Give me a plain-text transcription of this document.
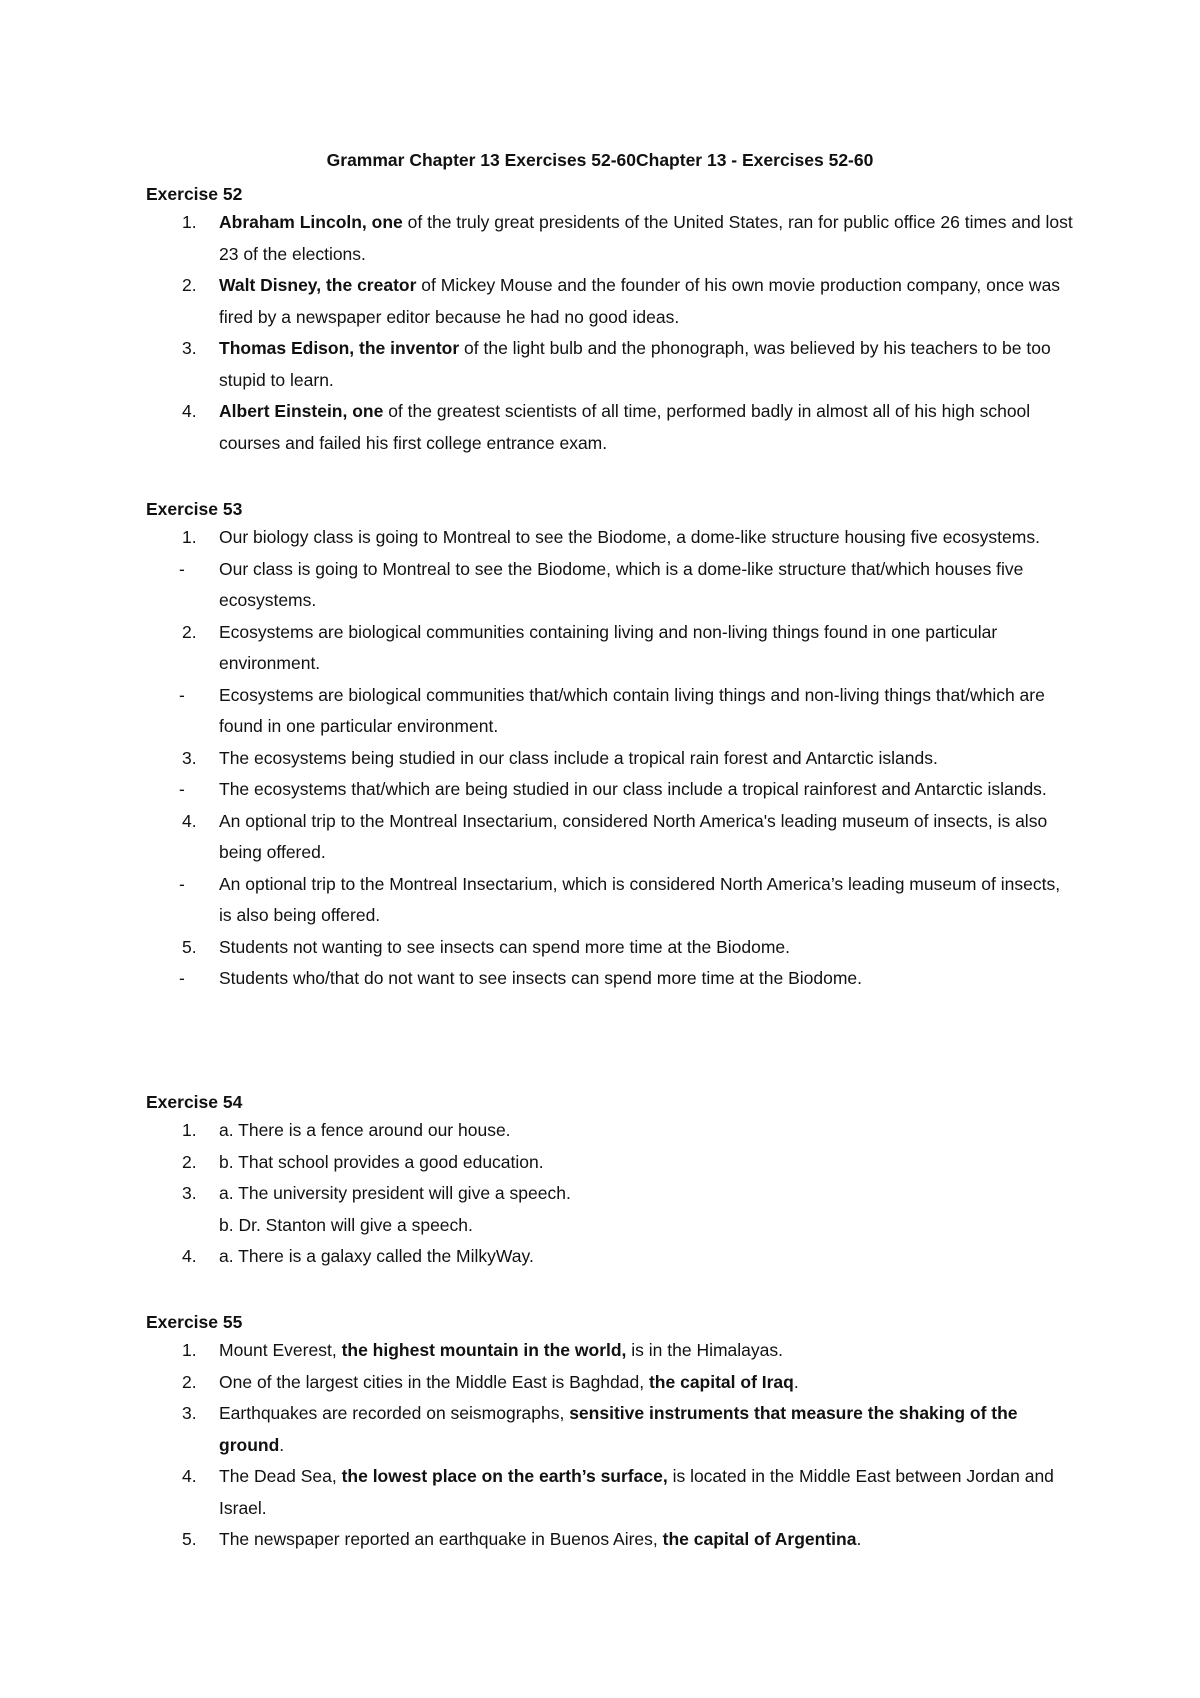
Grammar Chapter 13 Exercises 52-60Chapter 13 - Exercises 52-60
Exercise 52
1.	Abraham Lincoln, one of the truly great presidents of the United States, ran for public office 26 times and lost 23 of the elections.
2.	Walt Disney, the creator of Mickey Mouse and the founder of his own movie production company, once was fired by a newspaper editor because he had no good ideas.
3.	Thomas Edison, the inventor of the light bulb and the phonograph, was believed by his teachers to be too stupid to learn.
4.	Albert Einstein, one of the greatest scientists of all time, performed badly in almost all of his high school courses and failed his first college entrance exam.
Exercise 53
1.	Our biology class is going to Montreal to see the Biodome, a dome-like structure housing five ecosystems.
- Our class is going to Montreal to see the Biodome, which is a dome-like structure that/which houses five ecosystems.
2.	Ecosystems are biological communities containing living and non-living things found in one particular environment.
- Ecosystems are biological communities that/which contain living things and non-living things that/which are found in one particular environment.
3.	The ecosystems being studied in our class include a tropical rain forest and Antarctic islands.
- The ecosystems that/which are being studied in our class include a tropical rainforest and Antarctic islands.
4.	An optional trip to the Montreal Insectarium, considered North America's leading museum of insects, is also being offered.
- An optional trip to the Montreal Insectarium, which is considered North America’s leading museum of insects, is also being offered.
5.	Students not wanting to see insects can spend more time at the Biodome.
- Students who/that do not want to see insects can spend more time at the Biodome.
Exercise 54
1.	a. There is a fence around our house.
2.	b. That school provides a good education.
3.	a. The university president will give a speech.
b. Dr. Stanton will give a speech.
4.	a. There is a galaxy called the MilkyWay.
Exercise 55
1.	Mount Everest, the highest mountain in the world, is in the Himalayas.
2.	One of the largest cities in the Middle East is Baghdad, the capital of Iraq.
3.	Earthquakes are recorded on seismographs, sensitive instruments that measure the shaking of the ground.
4.	The Dead Sea, the lowest place on the earth’s surface, is located in the Middle East between Jordan and Israel.
5.	The newspaper reported an earthquake in Buenos Aires, the capital of Argentina.
